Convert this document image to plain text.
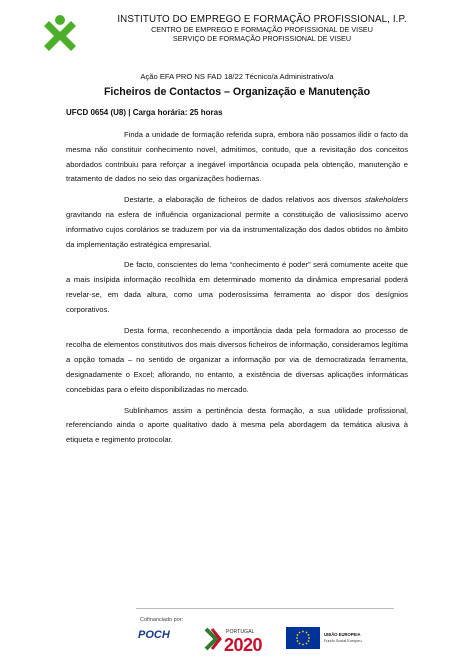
INSTITUTO DO EMPREGO E FORMAÇÃO PROFISSIONAL, I.P.
CENTRO DE EMPREGO E FORMAÇÃO PROFISSIONAL DE VISEU
SERVIÇO DE FORMAÇÃO PROFISSIONAL DE VISEU
Ação EFA PRO NS FAD 18/22 Técnico/a Administrativo/a
Ficheiros de Contactos – Organização e Manutenção
UFCD 0654 (U8) | Carga horária: 25 horas

Finda a unidade de formação referida supra, embora não possamos ilidir o facto da mesma não constituir conhecimento novel, admitimos, contudo, que a revisitação dos conceitos abordados contribuiu para reforçar a inegável importância ocupada pela obtenção, manutenção e tratamento de dados no seio das organizações hodiernas.

Destarte, a elaboração de ficheiros de dados relativos aos diversos stakeholders gravitando na esfera de influência organizacional permite a constituição de valiosíssimo acervo informativo cujos corolários se traduzem por via da instrumentalização dos dados obtidos no âmbito da implementação estratégica empresarial.

De facto, conscientes do lema “conhecimento é poder” será comumente aceite que a mais insípida informação recolhida em determinado momento da dinâmica empresarial poderá revelar-se, em dada altura, como uma poderosíssima ferramenta ao dispor dos desígnios corporativos.

Desta forma, reconhecendo a importância dada pela formadora ao processo de recolha de elementos constitutivos dos mais diversos ficheiros de informação, consideramos legítima a opção tomada – no sentido de organizar a informação por via de democratizada ferramenta, designadamente o Excel; aflorando, no entanto, a existência de diversas aplicações informáticas concebidas para o efeito disponibilizadas no mercado.

Sublinhamos assim a pertinência desta formação, a sua utilidade profissional, referenciando ainda o aporte qualitativo dado à mesma pela abordagem da temática alusiva à etiqueta e regimento protocolar.

Cofinanciado por:
POCH	PORTUGAL
2020
UNIÃO EUROPEIA
Fundo Social Europeu
